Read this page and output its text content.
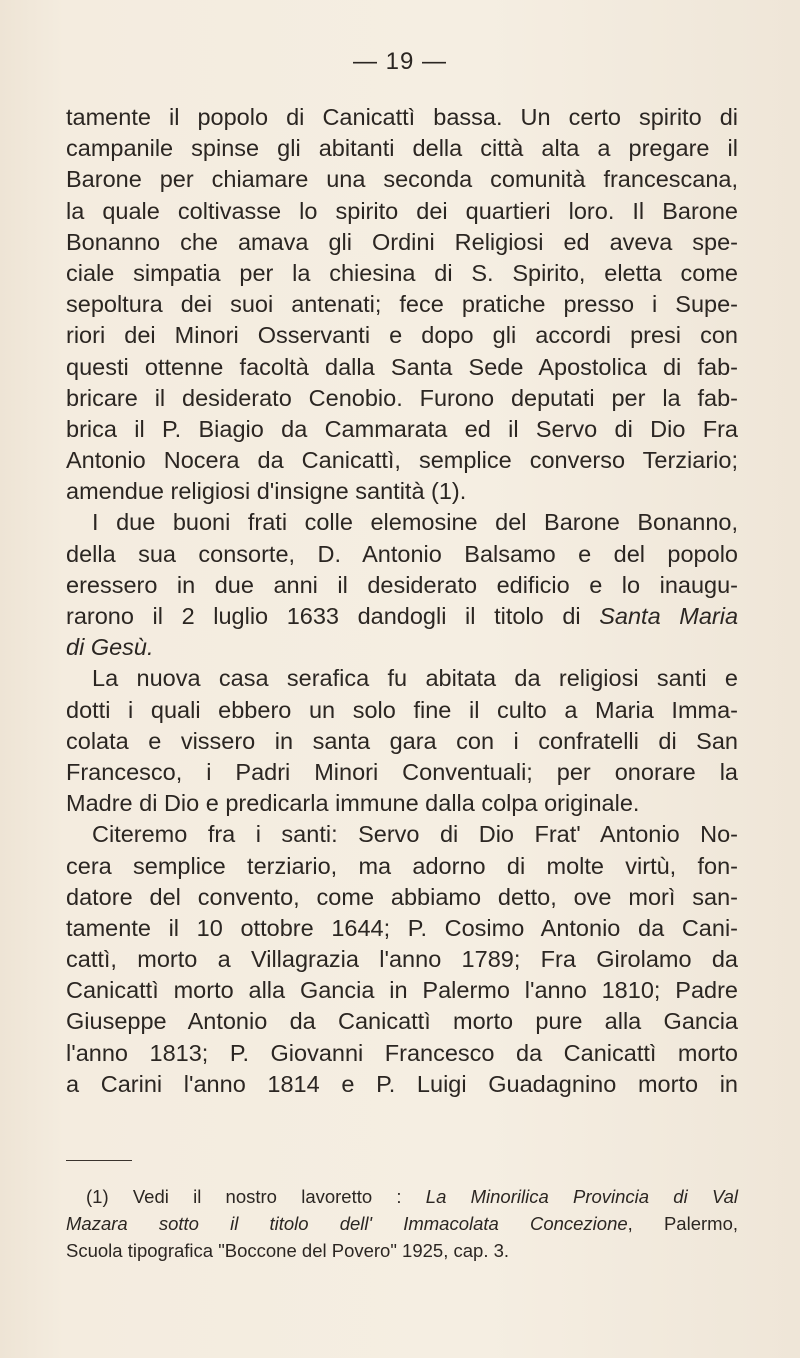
— 19 —
tamente il popolo di Canicattì bassa. Un certo spirito di
campanile spinse gli abitanti della città alta a pregare il
Barone per chiamare una seconda comunità francescana,
la quale coltivasse lo spirito dei quartieri loro. Il Barone
Bonanno che amava gli Ordini Religiosi ed aveva spe-
ciale simpatia per la chiesina di S. Spirito, eletta come
sepoltura dei suoi antenati; fece pratiche presso i Supe-
riori dei Minori Osservanti e dopo gli accordi presi con
questi ottenne facoltà dalla Santa Sede Apostolica di fab-
bricare il desiderato Cenobio. Furono deputati per la fab-
brica il P. Biagio da Cammarata ed il Servo di Dio Fra
Antonio Nocera da Canicattì, semplice converso Terziario;
amendue religiosi d'insigne santità (1).
I due buoni frati colle elemosine del Barone Bonanno,
della sua consorte, D. Antonio Balsamo e del popolo
eressero in due anni il desiderato edificio e lo inaugu-
rarono il 2 luglio 1633 dandogli il titolo di Santa Maria
di Gesù.
La nuova casa serafica fu abitata da religiosi santi e
dotti i quali ebbero un solo fine il culto a Maria Imma-
colata e vissero in santa gara con i confratelli di San
Francesco, i Padri Minori Conventuali; per onorare la
Madre di Dio e predicarla immune dalla colpa originale.
Citeremo fra i santi: Servo di Dio Frat' Antonio No-
cera semplice terziario, ma adorno di molte virtù, fon-
datore del convento, come abbiamo detto, ove morì san-
tamente il 10 ottobre 1644; P. Cosimo Antonio da Cani-
cattì, morto a Villagrazia l'anno 1789; Fra Girolamo da
Canicattì morto alla Gancia in Palermo l'anno 1810; Padre
Giuseppe Antonio da Canicattì morto pure alla Gancia
l'anno 1813; P. Giovanni Francesco da Canicattì morto
a Carini l'anno 1814 e P. Luigi Guadagnino morto in
(1) Vedi il nostro lavoretto : La Minorilica Provincia di Val
Mazara sotto il titolo dell' Immacolata Concezione, Palermo,
Scuola tipografica "Boccone del Povero" 1925, cap. 3.
